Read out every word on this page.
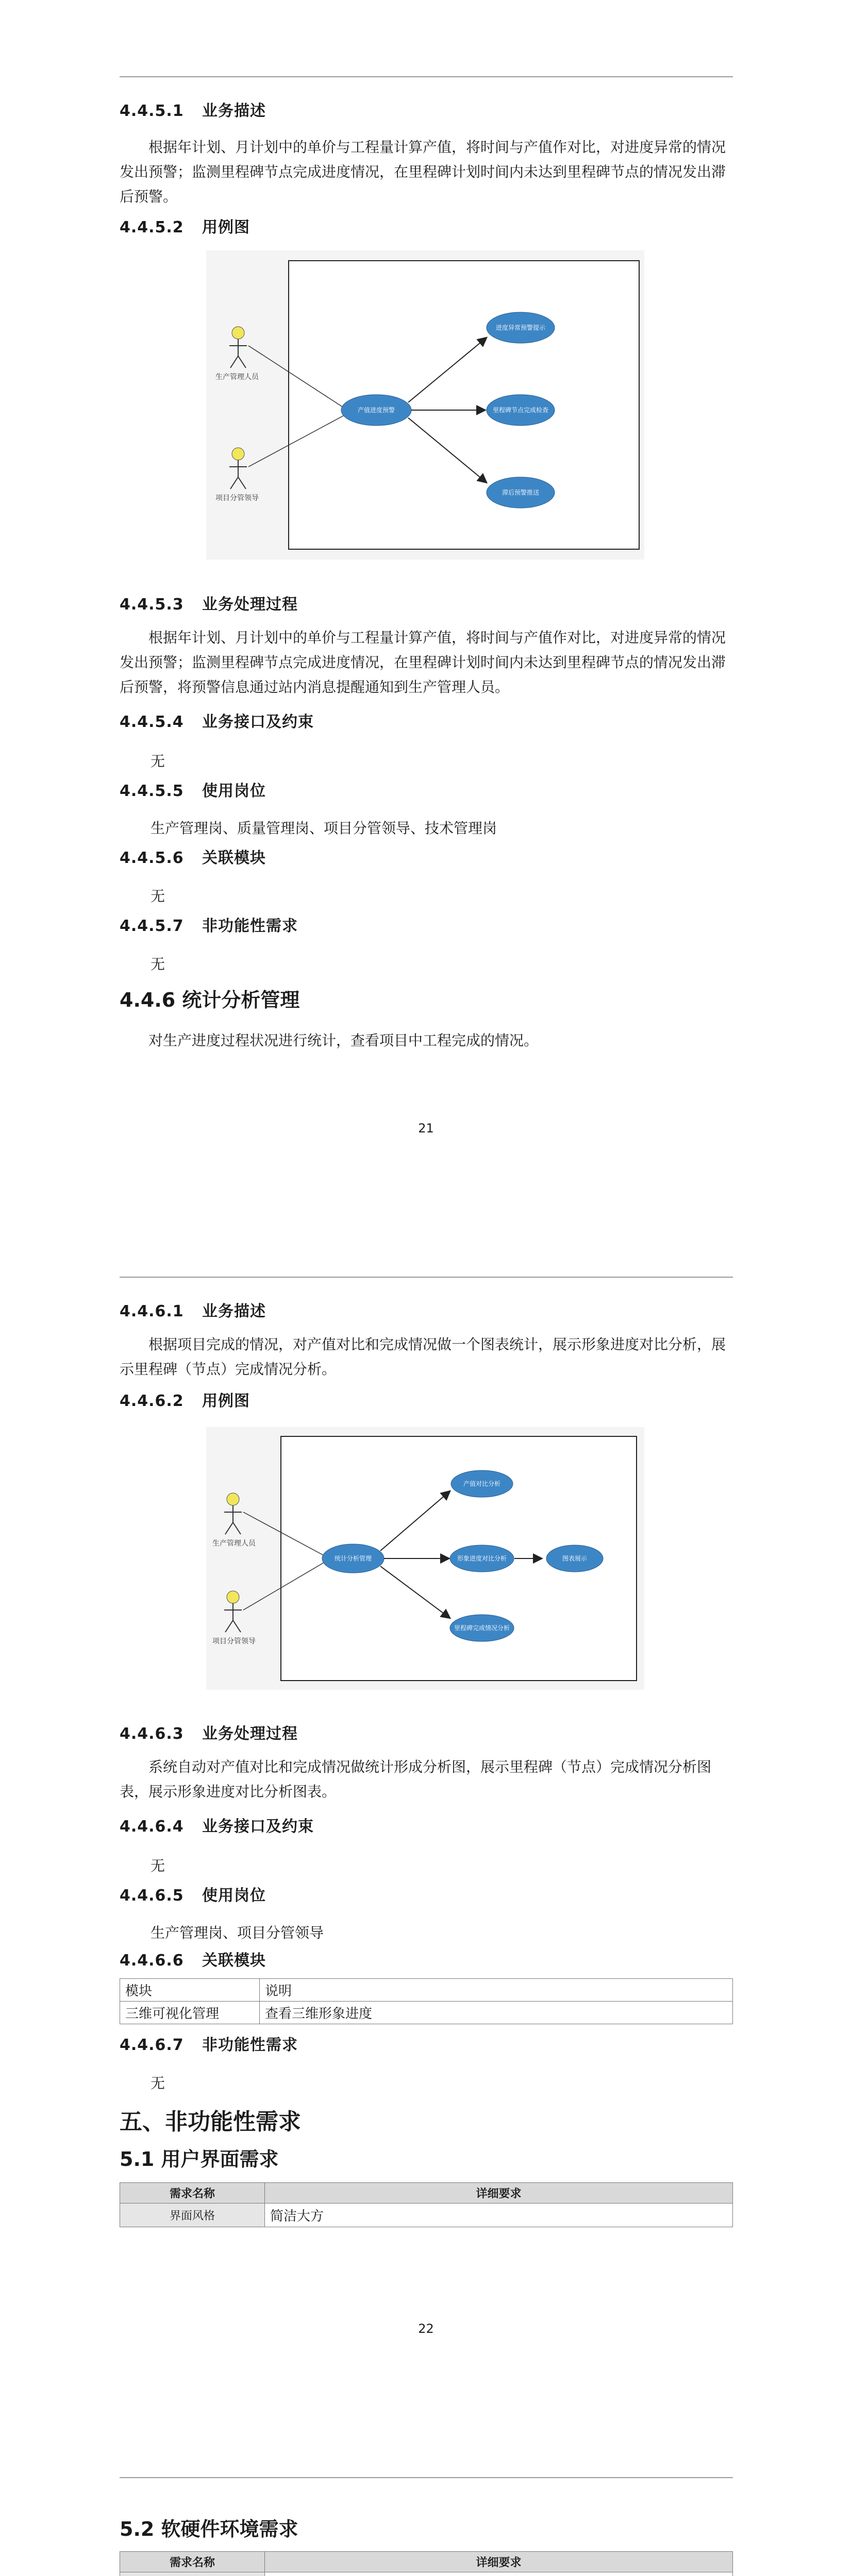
4.4.5.1 业务描述
根据年计划、月计划中的单价与工程量计算产值，将时间与产值作对比，对进度异常的情况发出预警；监测里程碑节点完成进度情况，在里程碑计划时间内未达到里程碑节点的情况发出滞后预警。
4.4.5.2 用例图
生产管理人员
项目分管领导
产值进度预警
进度异常预警提示
里程碑节点完成检查
滞后预警推送
4.4.5.3 业务处理过程
根据年计划、月计划中的单价与工程量计算产值，将时间与产值作对比，对进度异常的情况发出预警；监测里程碑节点完成进度情况，在里程碑计划时间内未达到里程碑节点的情况发出滞后预警，将预警信息通过站内消息提醒通知到生产管理人员。
4.4.5.4 业务接口及约束
无
4.4.5.5 使用岗位
生产管理岗、质量管理岗、项目分管领导、技术管理岗
4.4.5.6 关联模块
无
4.4.5.7 非功能性需求
无
4.4.6 统计分析管理
对生产进度过程状况进行统计，查看项目中工程完成的情况。
21
4.4.6.1 业务描述
根据项目完成的情况，对产值对比和完成情况做一个图表统计，展示形象进度对比分析，展示里程碑（节点）完成情况分析。
4.4.6.2 用例图
生产管理人员
项目分管领导
统计分析管理
产值对比分析
形象进度对比分析
里程碑完成情况分析
图表展示
4.4.6.3 业务处理过程
系统自动对产值对比和完成情况做统计形成分析图，展示里程碑（节点）完成情况分析图表，展示形象进度对比分析图表。
4.4.6.4 业务接口及约束
无
4.4.6.5 使用岗位
生产管理岗、项目分管领导
4.4.6.6 关联模块
模块	说明
三维可视化管理	查看三维形象进度
4.4.6.7 非功能性需求
无
五、非功能性需求
5.1 用户界面需求
需求名称	详细要求
界面风格	简洁大方
22
5.2 软硬件环境需求
需求名称	详细要求
